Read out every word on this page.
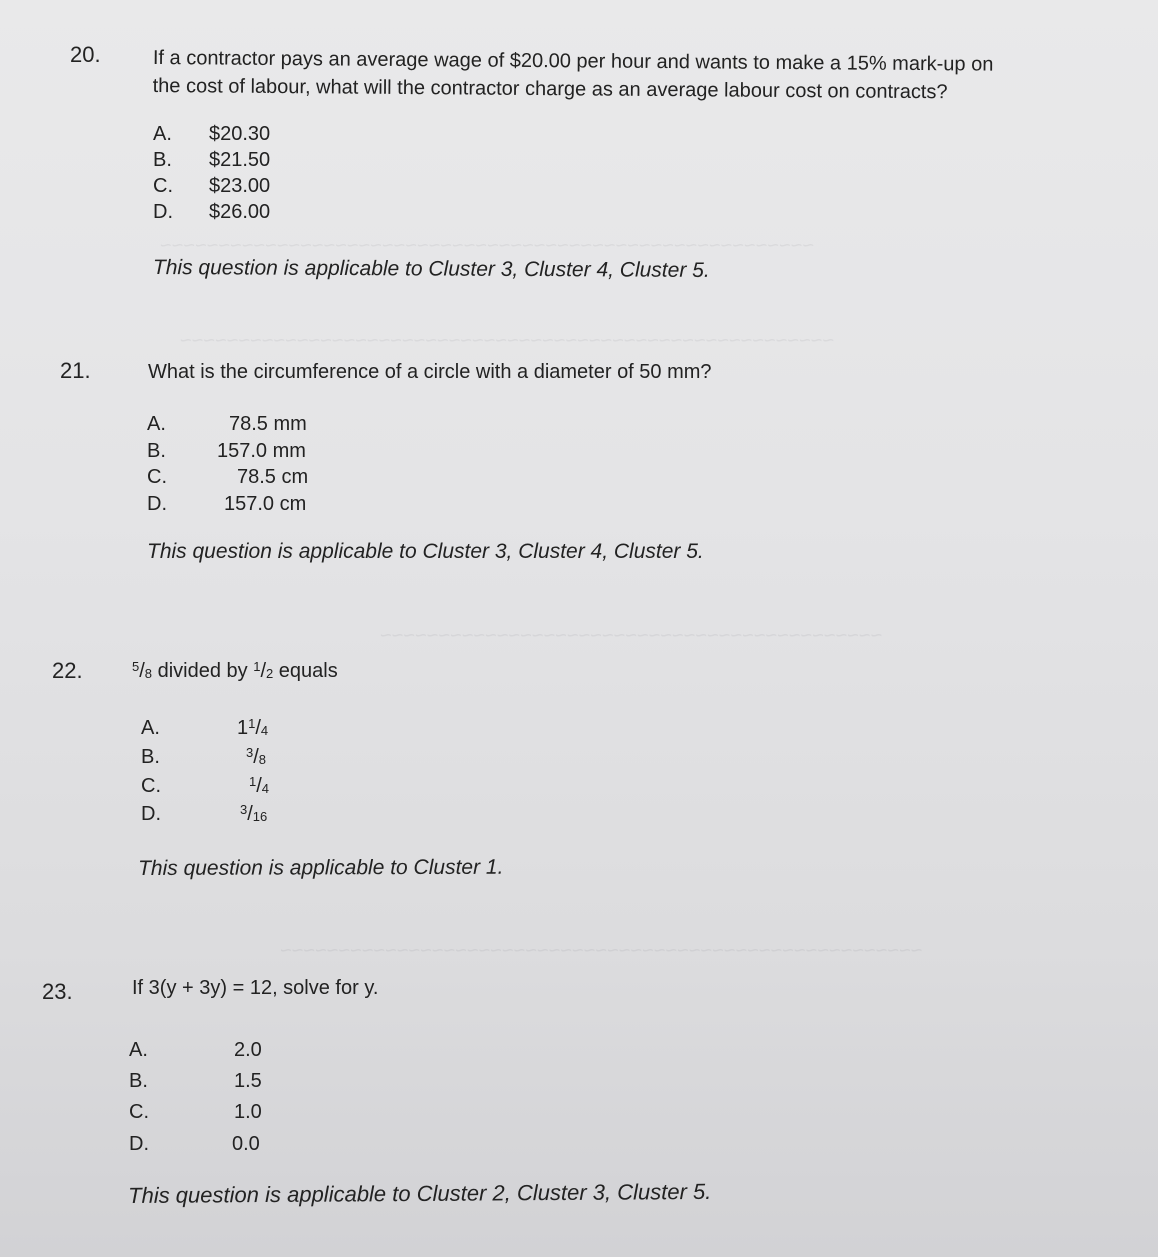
~~~~~~~~~~~~~~~~~~~~~~~~~~~~~~~~~~~~~~~~~~~~~~~~~~~~~~~~
~~~~~~~~~~~~~~~~~~~~~~~~~~~~~~~~~~~~~~~~~~~~~~~~~~~~~~~~
~~~~~~~~~~~~~~~~~~~~~~~~~~~~~~~~~~~~~~~~~~~
~~~~~~~~~~~~~~~~~~~~~~~~~~~~~~~~~~~~~~~~~~~~~~~~~~~~~~~
20.	If a contractor pays an average wage of $20.00 per hour and wants to make a 15% mark-up on
the cost of labour, what will the contractor charge as an average labour cost on contracts?
A. $20.30
B. $21.50
C. $23.00
D. $26.00
This question is applicable to Cluster 3, Cluster 4, Cluster 5.
21.	What is the circumference of a circle with a diameter of 50 mm?
A.	78.5 mm
B.	157.0 mm
C.	78.5 cm
D.	157.0 cm
This question is applicable to Cluster 3, Cluster 4, Cluster 5.
22.	$^5/_8$ divided by $^1/_2$ equals
A.	$1^1/_4$
B.	$^3/_8$
C.	$^1/_4$
D.	$^3/_{16}$
This question is applicable to Cluster 1.
23.	If 3(y + 3y) = 12, solve for y.
A.	2.0
B.	1.5
C.	1.0
D.	0.0
This question is applicable to Cluster 2, Cluster 3, Cluster 5.
